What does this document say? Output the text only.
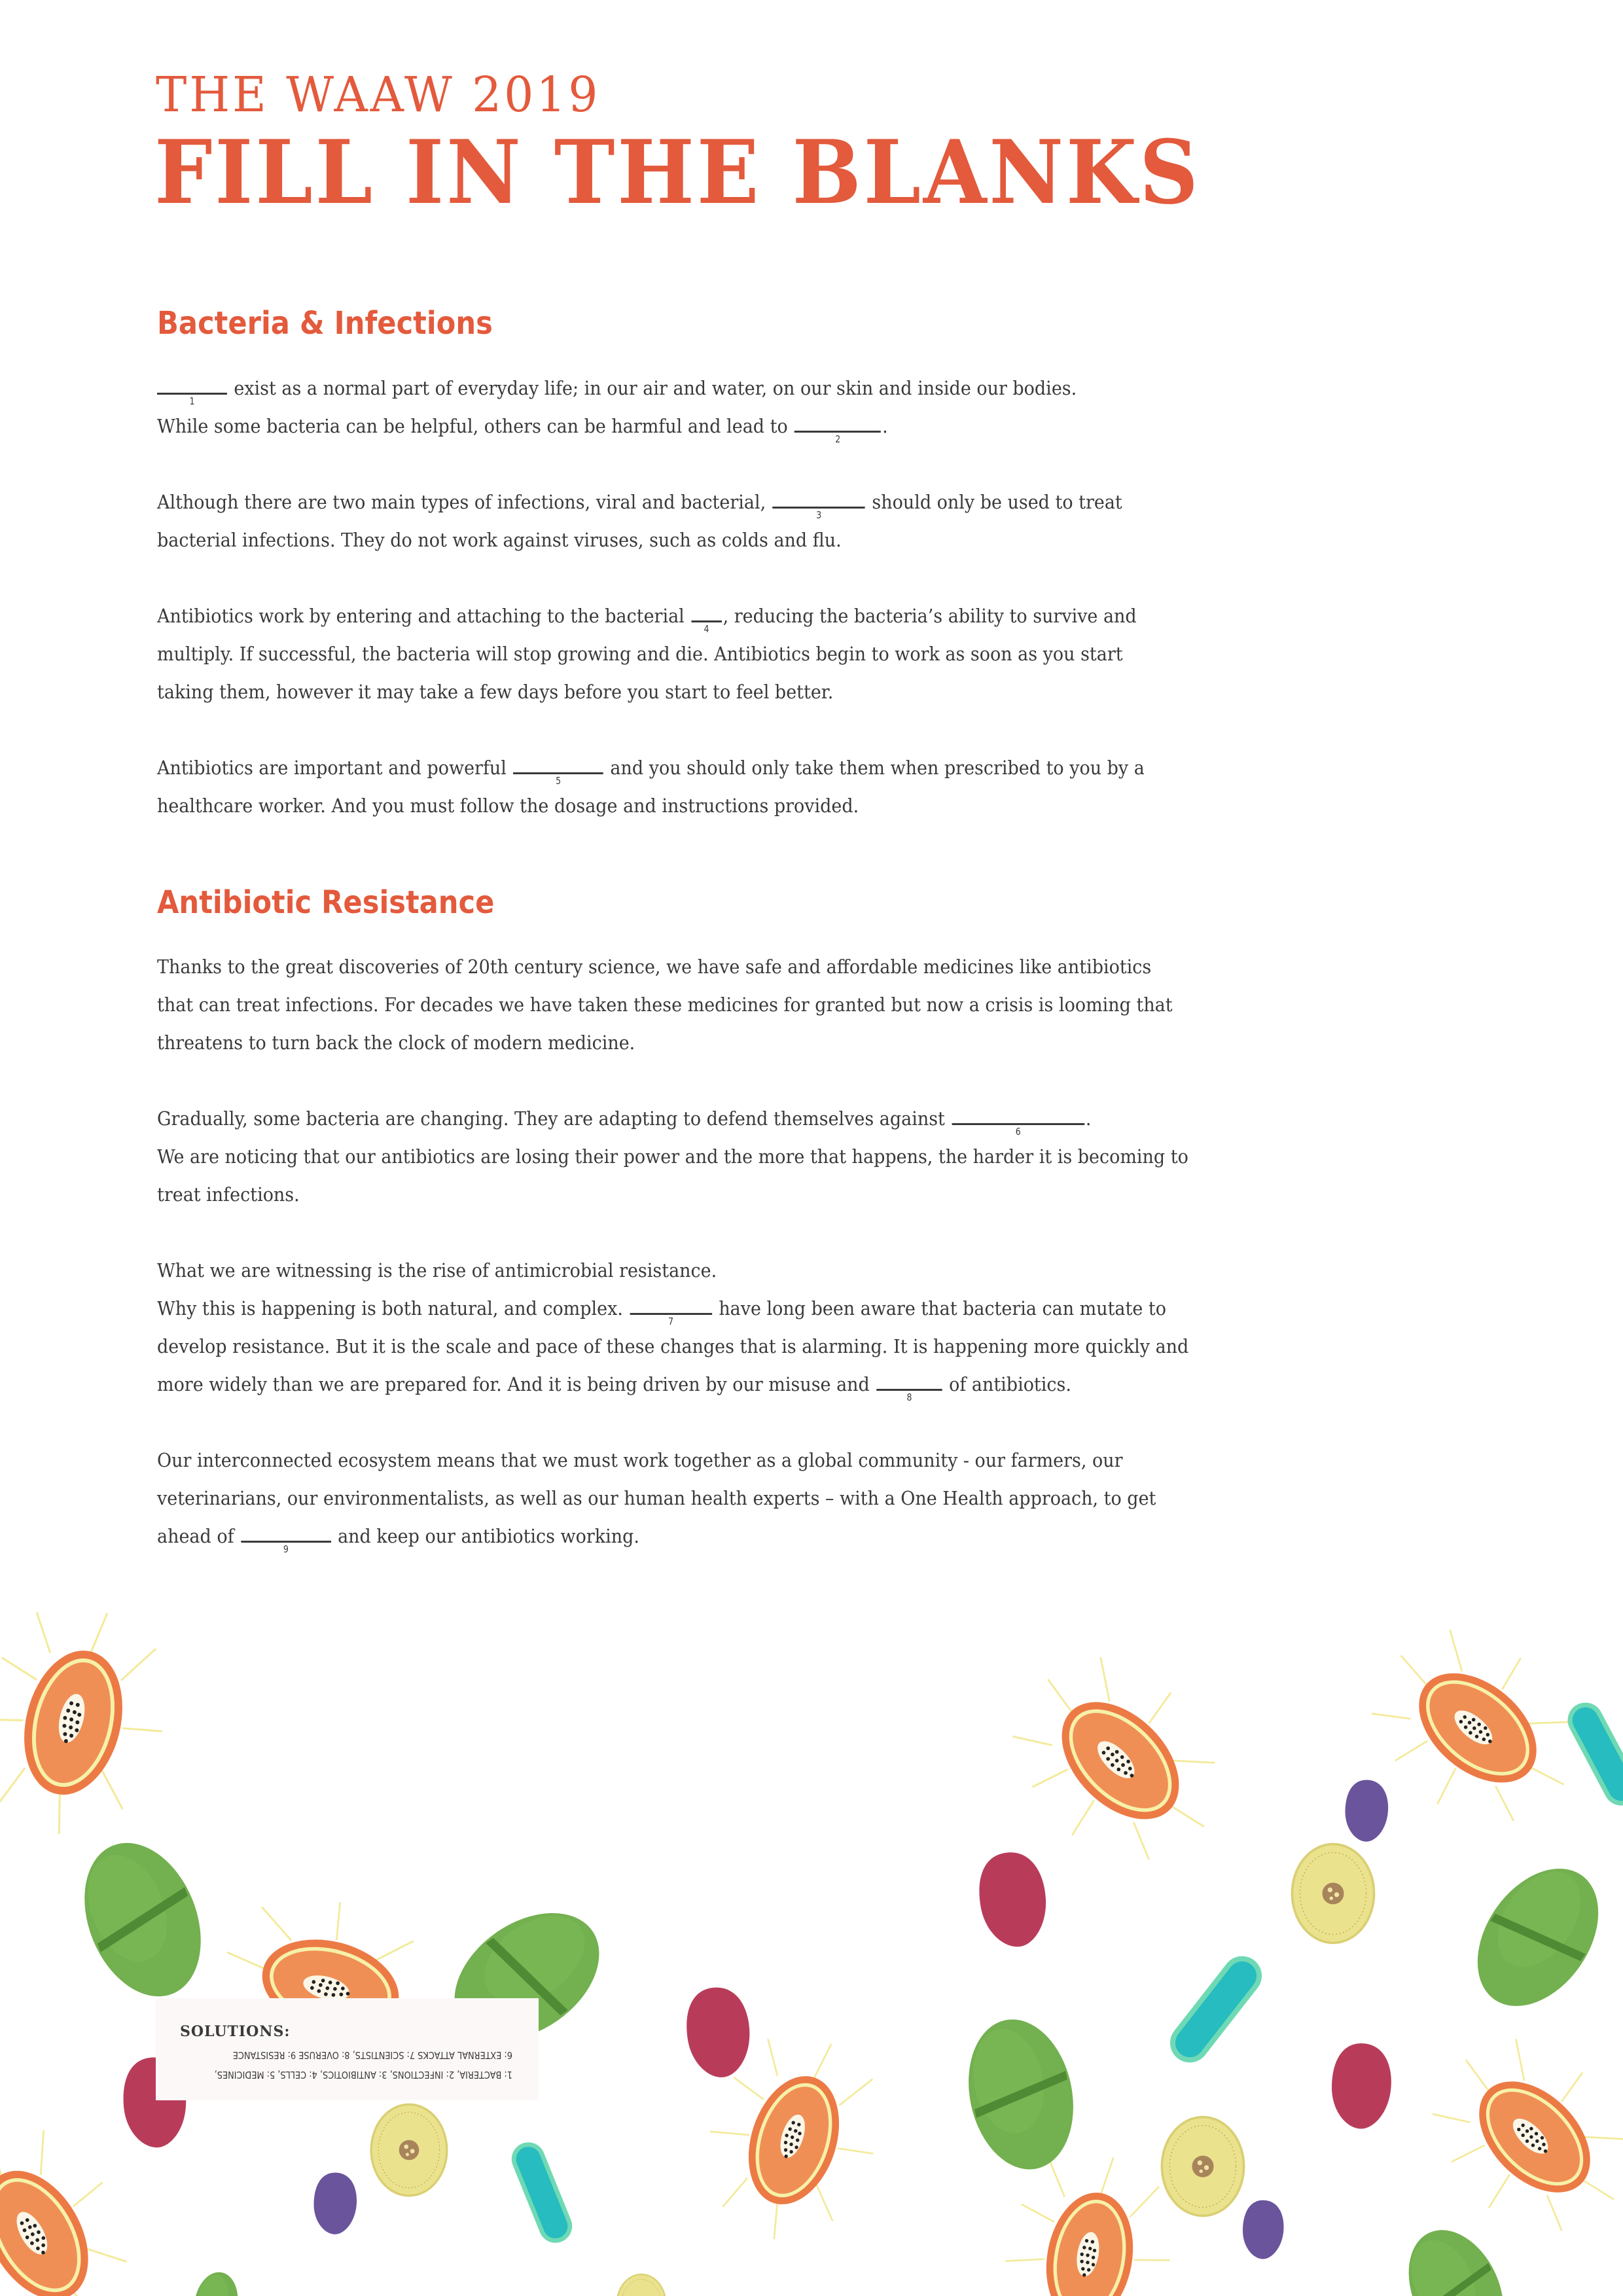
THE WAAW 2019
FILL IN THE BLANKS
Bacteria & Infections
1
exist as a normal part of everyday life; in our air and water, on our skin and inside our bodies.
While some bacteria can be helpful, others can be harmful and lead to
2
.
Although there are two main types of infections, viral and bacterial,
3
should only be used to treat
bacterial infections. They do not work against viruses, such as colds and flu.
Antibiotics work by entering and attaching to the bacterial
4
, reducing the bacteria’s ability to survive and
multiply. If successful, the bacteria will stop growing and die. Antibiotics begin to work as soon as you start
taking them, however it may take a few days before you start to feel better.
Antibiotics are important and powerful
5
and you should only take them when prescribed to you by a
healthcare worker. And you must follow the dosage and instructions provided.
Antibiotic Resistance
Thanks to the great discoveries of 20th century science, we have safe and affordable medicines like antibiotics
that can treat infections. For decades we have taken these medicines for granted but now a crisis is looming that
threatens to turn back the clock of modern medicine.
Gradually, some bacteria are changing. They are adapting to defend themselves against
6
.
We are noticing that our antibiotics are losing their power and the more that happens, the harder it is becoming to
treat infections.
What we are witnessing is the rise of antimicrobial resistance.
Why this is happening is both natural, and complex.
7
have long been aware that bacteria can mutate to
develop resistance. But it is the scale and pace of these changes that is alarming. It is happening more quickly and
more widely than we are prepared for. And it is being driven by our misuse and
8
of antibiotics.
Our interconnected ecosystem means that we must work together as a global community - our farmers, our
veterinarians, our environmentalists, as well as our human health experts – with a One Health approach, to get
ahead of
9
and keep our antibiotics working.
SOLUTIONS:
1: BACTERIA, 2: INFECTIONS, 3: ANTIBIOTICS, 4: CELLS, 5: MEDICINES,
6: EXTERNAL ATTACKS 7: SCIENTISTS, 8: OVERUSE 9: RESISTANCE
